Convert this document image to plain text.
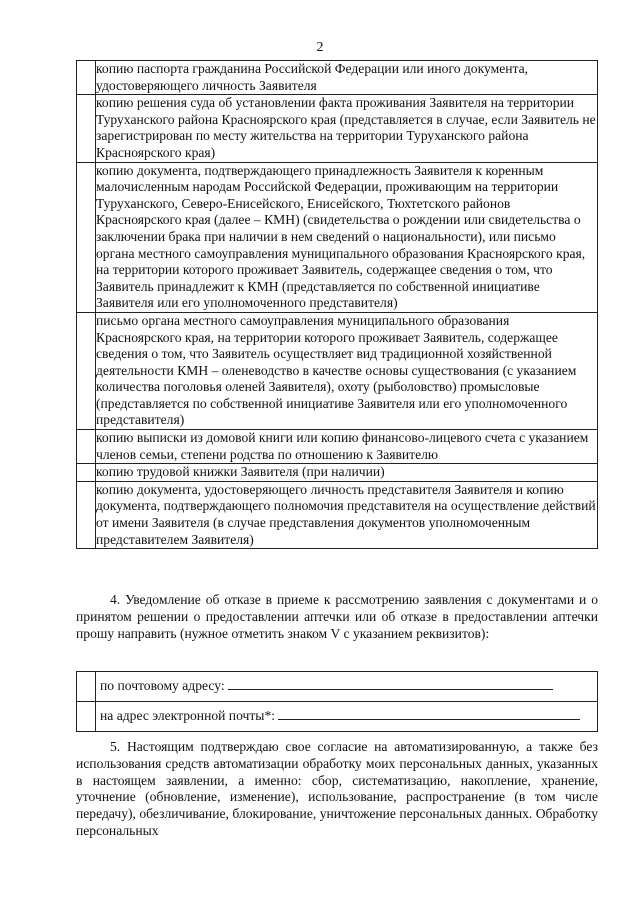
2
	копию паспорта гражданина Российской Федерации или иного документа, удостоверяющего личность Заявителя
	копию решения суда об установлении факта проживания Заявителя на территории Туруханского района Красноярского края (представляется в случае, если Заявитель не зарегистрирован по месту жительства на территории Туруханского района Красноярского края)
	копию документа, подтверждающего принадлежность Заявителя к коренным малочисленным народам Российской Федерации, проживающим на территории Туруханского, Северо-Енисейского, Енисейского, Тюхтетского районов Красноярского края (далее – КМН) (свидетельства о рождении или свидетельства о заключении брака при наличии в нем сведений о национальности), или письмо органа местного самоуправления муниципального образования Красноярского края, на территории которого проживает Заявитель, содержащее сведения о том, что Заявитель принадлежит к КМН (представляется по собственной инициативе Заявителя или его уполномоченного представителя)
	письмо органа местного самоуправления муниципального образования Красноярского края, на территории которого проживает Заявитель, содержащее сведения о том, что Заявитель осуществляет вид традиционной хозяйственной деятельности КМН – оленеводство в качестве основы существования (с указанием количества поголовья оленей Заявителя), охоту (рыболовство) промысловые (представляется по собственной инициативе Заявителя или его уполномоченного представителя)
	копию выписки из домовой книги или копию финансово-лицевого счета с указанием членов семьи, степени родства по отношению к Заявителю
	копию трудовой книжки Заявителя (при наличии)
	копию документа, удостоверяющего личность представителя Заявителя и копию документа, подтверждающего полномочия представителя на осуществление действий от имени Заявителя (в случае представления документов уполномоченным представителем Заявителя)
4. Уведомление об отказе в приеме к рассмотрению заявления с документами и о принятом решении о предоставлении аптечки или об отказе в предоставлении аптечки прошу направить (нужное отметить знаком V с указанием реквизитов):
	по почтовому адресу:
	на адрес электронной почты*:
5. Настоящим подтверждаю свое согласие на автоматизированную, а также без использования средств автоматизации обработку моих персональных данных, указанных в настоящем заявлении, а именно: сбор, систематизацию, накопление, хранение, уточнение (обновление, изменение), использование, распространение (в том числе передачу), обезличивание, блокирование, уничтожение персональных данных. Обработку персональных
